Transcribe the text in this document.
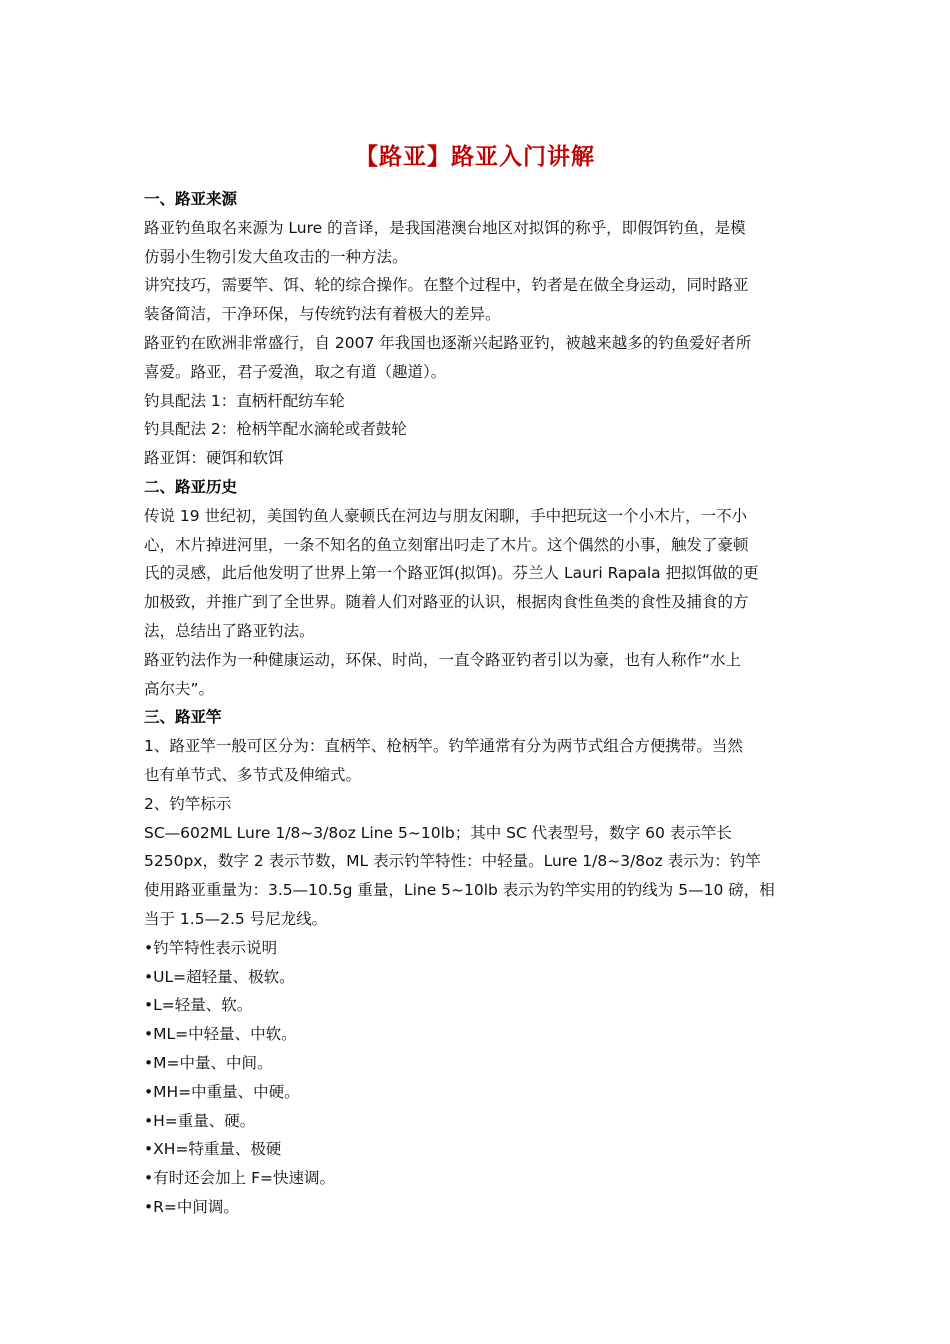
【路亚】路亚入门讲解
一、路亚来源
路亚钓鱼取名来源为 Lure 的音译，是我国港澳台地区对拟饵的称乎，即假饵钓鱼，是模
仿弱小生物引发大鱼攻击的一种方法。
讲究技巧，需要竿、饵、轮的综合操作。在整个过程中，钓者是在做全身运动，同时路亚
装备简洁，干净环保，与传统钓法有着极大的差异。
路亚钓在欧洲非常盛行，自 2007 年我国也逐渐兴起路亚钓，被越来越多的钓鱼爱好者所
喜爱。路亚，君子爱渔，取之有道（趣道）。
钓具配法 1：直柄杆配纺车轮
钓具配法 2：枪柄竿配水滴轮或者鼓轮
路亚饵：硬饵和软饵
二、路亚历史
传说 19 世纪初，美国钓鱼人豪顿氏在河边与朋友闲聊，手中把玩这一个小木片，一不小
心，木片掉进河里，一条不知名的鱼立刻窜出叼走了木片。这个偶然的小事，触发了豪顿
氏的灵感，此后他发明了世界上第一个路亚饵(拟饵)。芬兰人 Lauri Rapala 把拟饵做的更
加极致，并推广到了全世界。随着人们对路亚的认识，根据肉食性鱼类的食性及捕食的方
法，总结出了路亚钓法。
路亚钓法作为一种健康运动，环保、时尚，一直令路亚钓者引以为豪，也有人称作“水上
高尔夫”。
三、路亚竿
1、路亚竿一般可区分为：直柄竿、枪柄竿。钓竿通常有分为两节式组合方便携带。当然
也有单节式、多节式及伸缩式。
2、钓竿标示
SC—602ML Lure 1/8~3/8oz Line 5~10lb；其中 SC 代表型号，数字 60 表示竿长
5250px，数字 2 表示节数，ML 表示钓竿特性：中轻量。Lure 1/8~3/8oz 表示为：钓竿
使用路亚重量为：3.5—10.5g 重量，Line 5~10lb 表示为钓竿实用的钓线为 5—10 磅，相
当于 1.5—2.5 号尼龙线。
•钓竿特性表示说明
•UL=超轻量、极软。
•L=轻量、软。
•ML=中轻量、中软。
•M=中量、中间。
•MH=中重量、中硬。
•H=重量、硬。
•XH=特重量、极硬
•有时还会加上 F=快速调。
•R=中间调。
